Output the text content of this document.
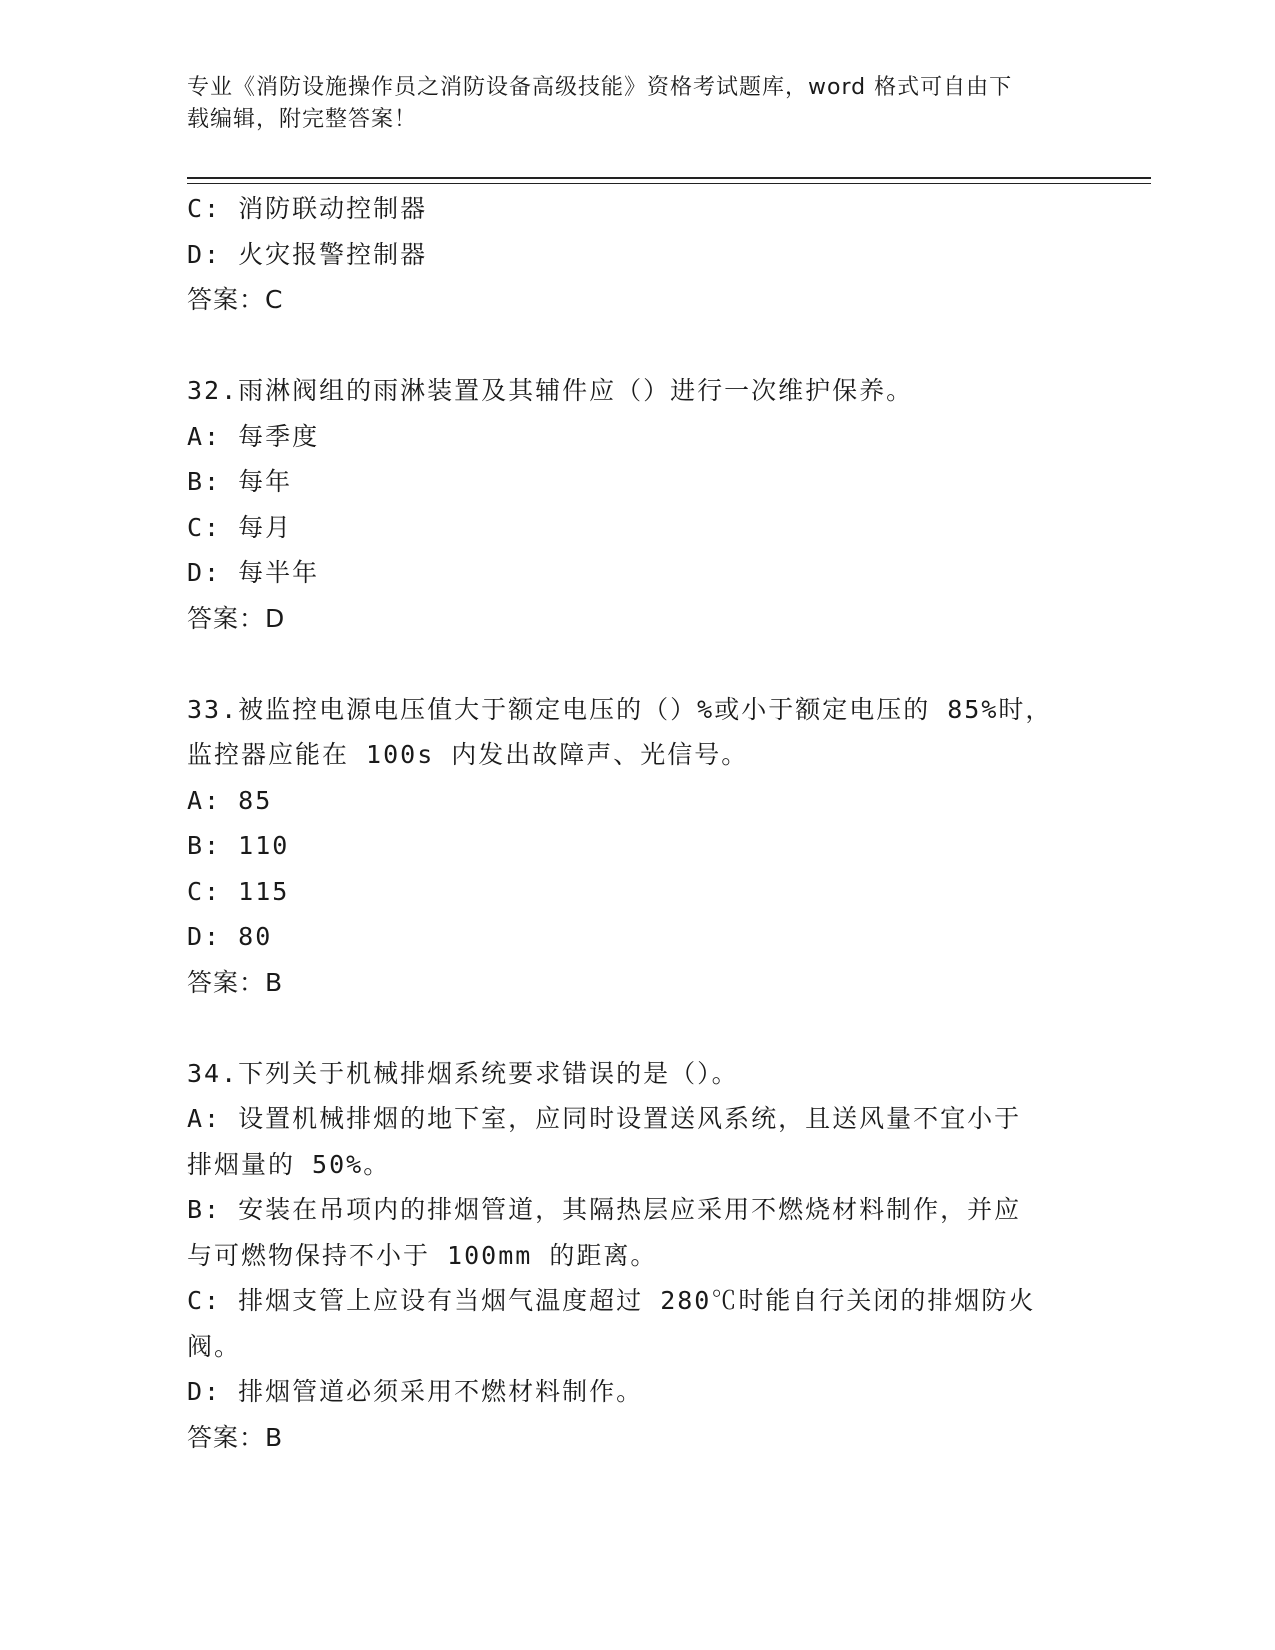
专业《消防设施操作员之消防设备高级技能》资格考试题库，word 格式可自由下
载编辑，附完整答案！

C: 消防联动控制器

D: 火灾报警控制器

答案：C

32.雨淋阀组的雨淋装置及其辅件应（）进行一次维护保养。

A: 每季度

B: 每年

C: 每月

D: 每半年

答案：D

33.被监控电源电压值大于额定电压的（）%或小于额定电压的 85%时，

监控器应能在 100s 内发出故障声、光信号。

A: 85

B: 110

C: 115

D: 80

答案：B

34.下列关于机械排烟系统要求错误的是（）。

A: 设置机械排烟的地下室，应同时设置送风系统，且送风量不宜小于

排烟量的 50%。

B: 安装在吊项内的排烟管道，其隔热层应采用不燃烧材料制作，并应

与可燃物保持不小于 100mm 的距离。

C: 排烟支管上应设有当烟气温度超过 280℃时能自行关闭的排烟防火

阀。

D: 排烟管道必须采用不燃材料制作。

答案：B
